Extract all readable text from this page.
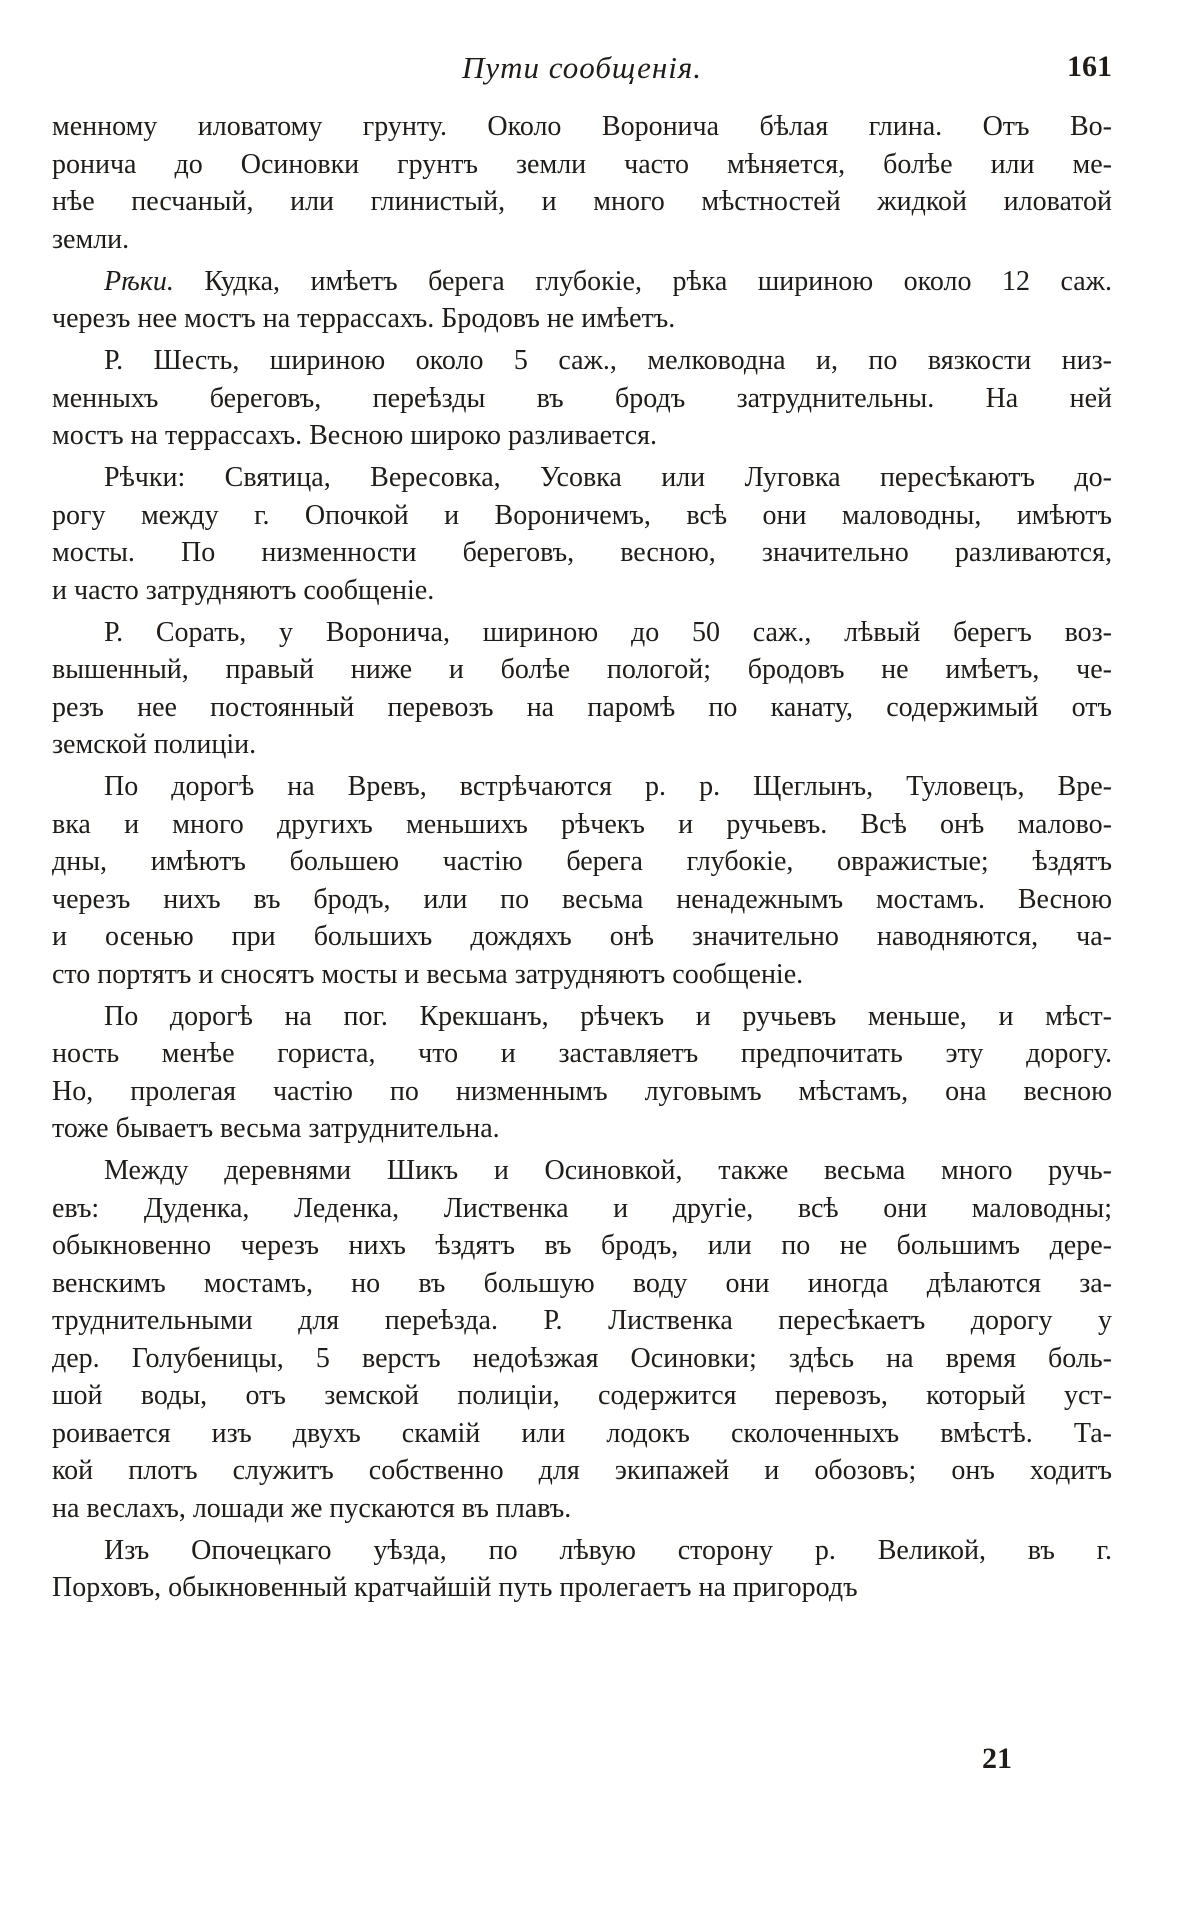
Пути сообщенія.	161
менному иловатому грунту. Около Воронича бѣлая глина. Отъ Во-
ронича до Осиновки грунтъ земли часто мѣняется, болѣе или ме-
нѣе песчаный, или глинистый, и много мѣстностей жидкой иловатой
земли.
Рѣки. Кудка, имѣетъ берега глубокіе, рѣка шириною около 12 саж.
черезъ нее мостъ на террассахъ. Бродовъ не имѣетъ.
Р. Шесть, шириною около 5 саж., мелководна и, по вязкости низ-
менныхъ береговъ, переѣзды въ бродъ затруднительны. На ней
мостъ на террассахъ. Весною широко разливается.
Рѣчки: Святица, Вересовка, Усовка или Луговка пересѣкаютъ до-
рогу между г. Опочкой и Вороничемъ, всѣ они маловодны, имѣютъ
мосты. По низменности береговъ, весною, значительно разливаются,
и часто затрудняютъ сообщеніе.
Р. Сорать, у Воронича, шириною до 50 саж., лѣвый берегъ воз-
вышенный, правый ниже и болѣе пологой; бродовъ не имѣетъ, че-
резъ нее постоянный перевозъ на паромѣ по канату, содержимый отъ
земской полиціи.
По дорогѣ на Вревъ, встрѣчаются р. р. Щеглынъ, Туловецъ, Вре-
вка и много другихъ меньшихъ рѣчекъ и ручьевъ. Всѣ онѣ малово-
дны, имѣютъ большею частію берега глубокіе, овражистые; ѣздятъ
черезъ нихъ въ бродъ, или по весьма ненадежнымъ мостамъ. Весною
и осенью при большихъ дождяхъ онѣ значительно наводняются, ча-
сто портятъ и сносятъ мосты и весьма затрудняютъ сообщеніе.
По дорогѣ на пог. Крекшанъ, рѣчекъ и ручьевъ меньше, и мѣст-
ность менѣе гориста, что и заставляетъ предпочитать эту дорогу.
Но, пролегая частію по низменнымъ луговымъ мѣстамъ, она весною
тоже бываетъ весьма затруднительна.
Между деревнями Шикъ и Осиновкой, также весьма много ручь-
евъ: Дуденка, Леденка, Лиственка и другіе, всѣ они маловодны;
обыкновенно черезъ нихъ ѣздятъ въ бродъ, или по не большимъ дере-
венскимъ мостамъ, но въ большую воду они иногда дѣлаются за-
труднительными для переѣзда. Р. Лиственка пересѣкаетъ дорогу у
дер. Голубеницы, 5 верстъ недоѣзжая Осиновки; здѣсь на время боль-
шой воды, отъ земской полиціи, содержится перевозъ, который уст-
роивается изъ двухъ скамій или лодокъ сколоченныхъ вмѣстѣ. Та-
кой плотъ служитъ собственно для экипажей и обозовъ; онъ ходитъ
на веслахъ, лошади же пускаются въ плавъ.
Изъ Опочецкаго уѣзда, по лѣвую сторону р. Великой, въ г.
Порховъ, обыкновенный кратчайшій путь пролегаетъ на пригородъ
21
